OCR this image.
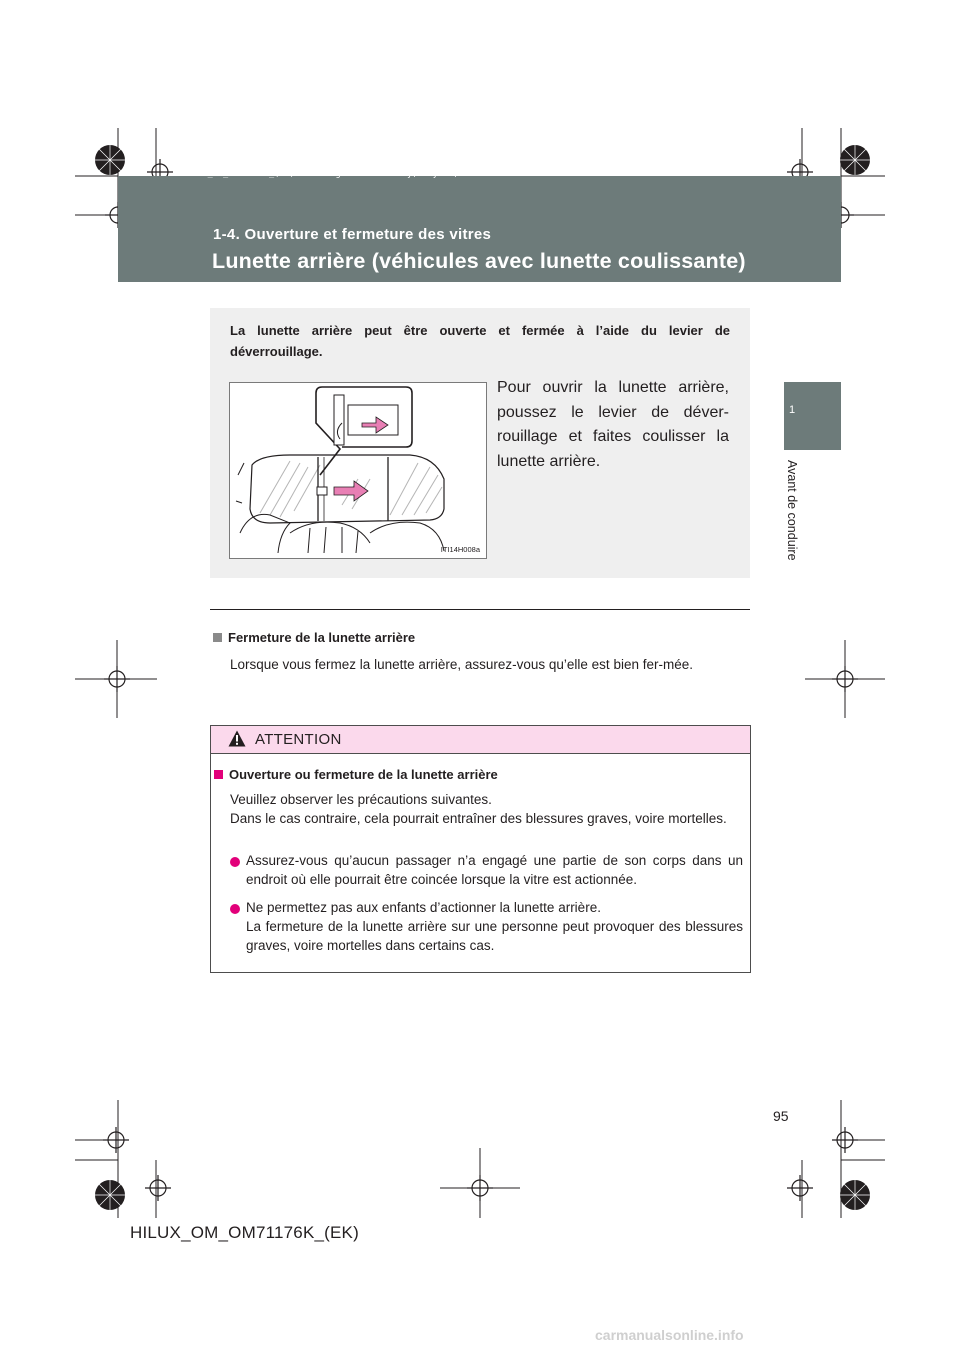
HILUX_OM_OM71176K_(EK).book Page 95 Wednesday, May 16, 2012 2:32 PM
1-4. Ouverture et fermeture des vitres
Lunette arrière (véhicules avec lunette coulissante)
1
Avant de conduire
La lunette arrière peut être ouverte et fermée à l’aide du levier de
déverrouillage.
ITI14H008a
Pour ouvrir la lunette arrière, poussez le levier de déver-rouillage et faites coulisser la lunette arrière.
Fermeture de la lunette arrière
Lorsque vous fermez la lunette arrière, assurez-vous qu’elle est bien fer-mée.
ATTENTION
Ouverture ou fermeture de la lunette arrière
Veuillez observer les précautions suivantes.
Dans le cas contraire, cela pourrait entraîner des blessures graves, voire mortelles.
Assurez-vous qu’aucun passager n’a engagé une partie de son corps dans un endroit où elle pourrait être coincée lorsque la vitre est actionnée.
Ne permettez pas aux enfants d’actionner la lunette arrière.
La fermeture de la lunette arrière sur une personne peut provoquer des blessures graves, voire mortelles dans certains cas.
95
HILUX_OM_OM71176K_(EK)
carmanualsonline.info
